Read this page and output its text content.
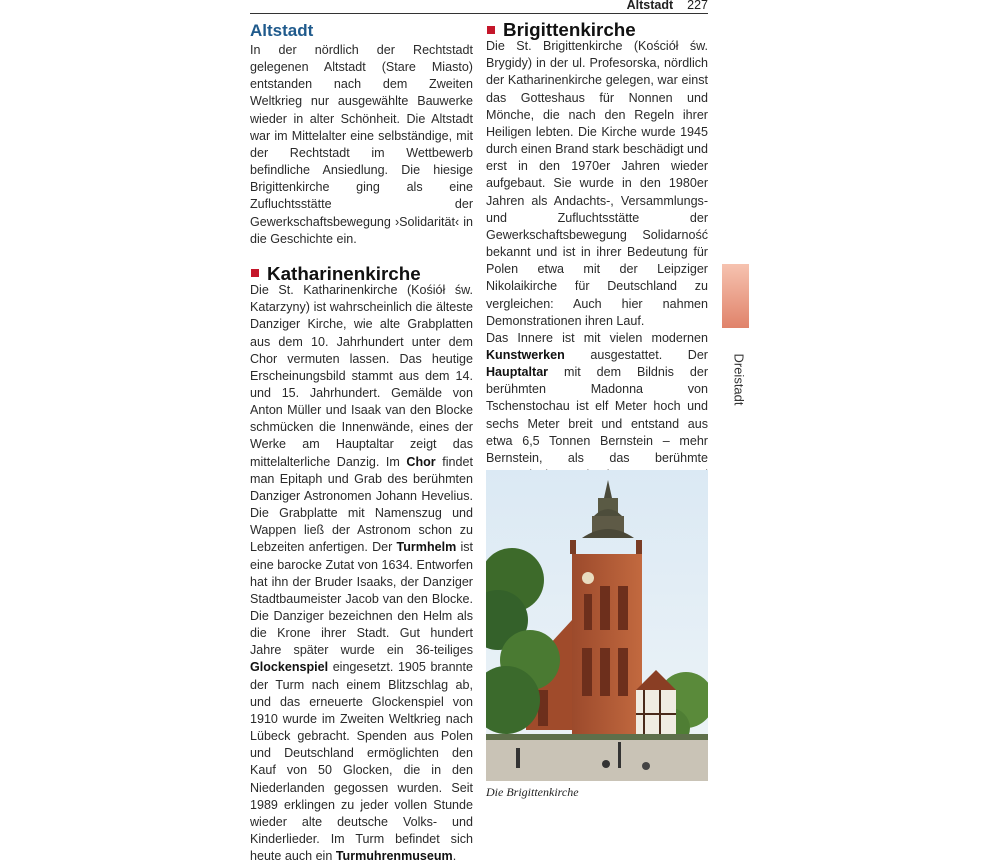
Altstadt 227
Altstadt

In der nördlich der Rechtstadt gelegenen Altstadt (Stare Miasto) entstanden nach dem Zweiten Weltkrieg nur ausgewählte Bauwerke wieder in alter Schönheit. Die Altstadt war im Mittelalter eine selbständige, mit der Rechtstadt im Wettbewerb befindliche Ansiedlung. Die hiesige Brigittenkirche ging als eine Zufluchtsstätte der Gewerkschaftsbewegung ›Solidarität‹ in die Geschichte ein.

Katharinenkirche

Die St. Katharinenkirche (Kośiół św. Katarzyny) ist wahrscheinlich die älteste Danziger Kirche, wie alte Grabplatten aus dem 10. Jahrhundert unter dem Chor vermuten lassen. Das heutige Erscheinungsbild stammt aus dem 14. und 15. Jahrhundert. Gemälde von Anton Müller und Isaak van den Blocke schmücken die Innenwände, eines der Werke am Hauptaltar zeigt das mittelalterliche Danzig. Im Chor findet man Epitaph und Grab des berühmten Danziger Astronomen Johann Hevelius. Die Grabplatte mit Namenszug und Wappen ließ der Astronom schon zu Lebzeiten anfertigen. Der Turmhelm ist eine barocke Zutat von 1634. Entworfen hat ihn der Bruder Isaaks, der Danziger Stadtbaumeister Jacob van den Blocke. Die Danziger bezeichnen den Helm als die Krone ihrer Stadt. Gut hundert Jahre später wurde ein 36-teiliges Glockenspiel eingesetzt. 1905 brannte der Turm nach einem Blitzschlag ab, und das erneuerte Glockenspiel von 1910 wurde im Zweiten Weltkrieg nach Lübeck gebracht. Spenden aus Polen und Deutschland ermöglichten den Kauf von 50 Glocken, die in den Niederlanden gegossen wurden. Seit 1989 erklingen zu jeder vollen Stunde wieder alte deutsche Volks- und Kinderlieder. Im Turm befindet sich heute auch ein Turmuhrenmuseum.

Brigittenkirche

Die St. Brigittenkirche (Kościół św. Brygidy) in der ul. Profesorska, nördlich der Katharinenkirche gelegen, war einst das Gotteshaus für Nonnen und Mönche, die nach den Regeln ihrer Heiligen lebten. Die Kirche wurde 1945 durch einen Brand stark beschädigt und erst in den 1970er Jahren wieder aufgebaut. Sie wurde in den 1980er Jahren als Andachts-, Versammlungs- und Zufluchtsstätte der Gewerkschaftsbewegung Solidarność bekannt und ist in ihrer Bedeutung für Polen etwa mit der Leipziger Nikolaikirche für Deutschland zu vergleichen: Auch hier nahmen Demonstrationen ihren Lauf.

Das Innere ist mit vielen modernen Kunstwerken ausgestattet. Der Hauptaltar mit dem Bildnis der berühmten Madonna von Tschenstochau ist elf Meter hoch und sechs Meter breit und entstand aus etwa 6,5 Tonnen Bernstein – mehr Bernstein, als das berühmte

Die Brigittenkirche
Dreistadt
